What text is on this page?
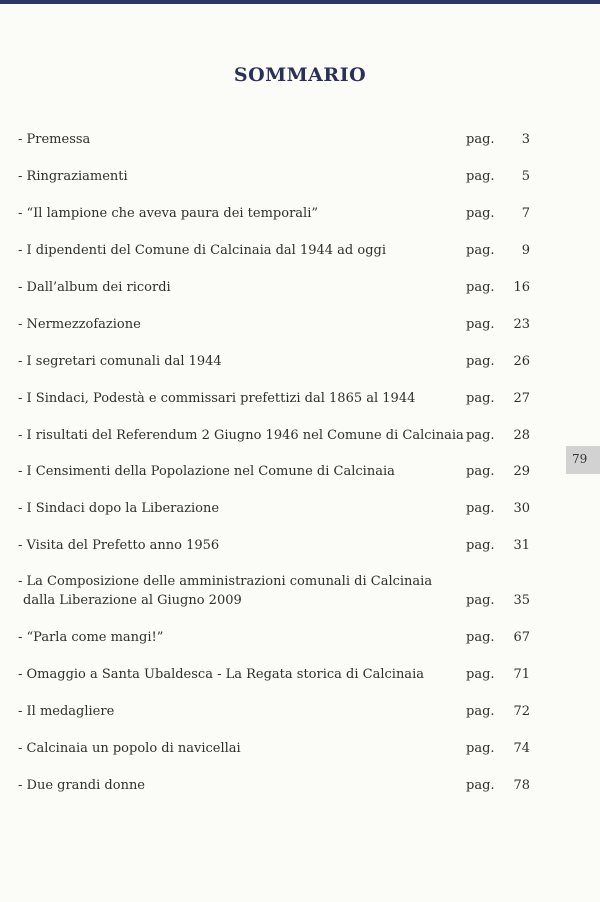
SOMMARIO
- Premessa	pag.	3
- Ringraziamenti	pag.	5
- “Il lampione che aveva paura dei temporali”	pag.	7
- I dipendenti del Comune di Calcinaia dal 1944 ad oggi	pag.	9
- Dall’album dei ricordi	pag.	16
- Nermezzofazione	pag.	23
- I segretari comunali dal 1944	pag.	26
- I Sindaci, Podestà e commissari prefettizi dal 1865 al 1944	pag.	27
- I risultati del Referendum 2 Giugno 1946 nel Comune di Calcinaia pag.	28
- I Censimenti della Popolazione nel Comune di Calcinaia	pag.	29
- I Sindaci dopo la Liberazione	pag.	30
- Visita del Prefetto anno 1956	pag.	31
- La Composizione delle amministrazioni comunali di Calcinaia
dalla Liberazione al Giugno 2009	pag.	35
- “Parla come mangi!”	pag.	67
- Omaggio a Santa Ubaldesca - La Regata storica di Calcinaia	pag.	71
- Il medagliere	pag.	72
- Calcinaia un popolo di navicellai	pag.	74
- Due grandi donne	pag.	78
79
